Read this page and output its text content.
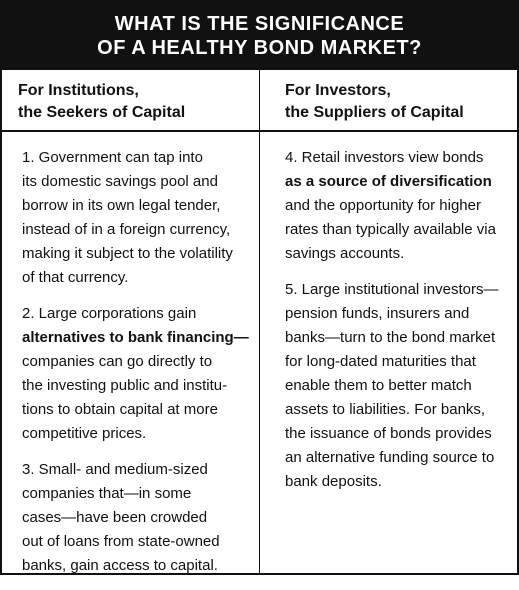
WHAT IS THE SIGNIFICANCE
OF A HEALTHY BOND MARKET?
For Institutions,
the Seekers of Capital
For Investors,
the Suppliers of Capital
1. Government can tap into
its domestic savings pool and
borrow in its own legal tender,
instead of in a foreign currency,
making it subject to the volatility
of that currency.
2. Large corporations gain
alternatives to bank financing—
companies can go directly to
the investing public and institu-
tions to obtain capital at more
competitive prices.
3. Small- and medium-sized
companies that—in some
cases—have been crowded
out of loans from state-owned
banks, gain access to capital.
4. Retail investors view bonds
as a source of diversification
and the opportunity for higher
rates than typically available via
savings accounts.
5. Large institutional investors—
pension funds, insurers and
banks—turn to the bond market
for long-dated maturities that
enable them to better match
assets to liabilities. For banks,
the issuance of bonds provides
an alternative funding source to
bank deposits.
